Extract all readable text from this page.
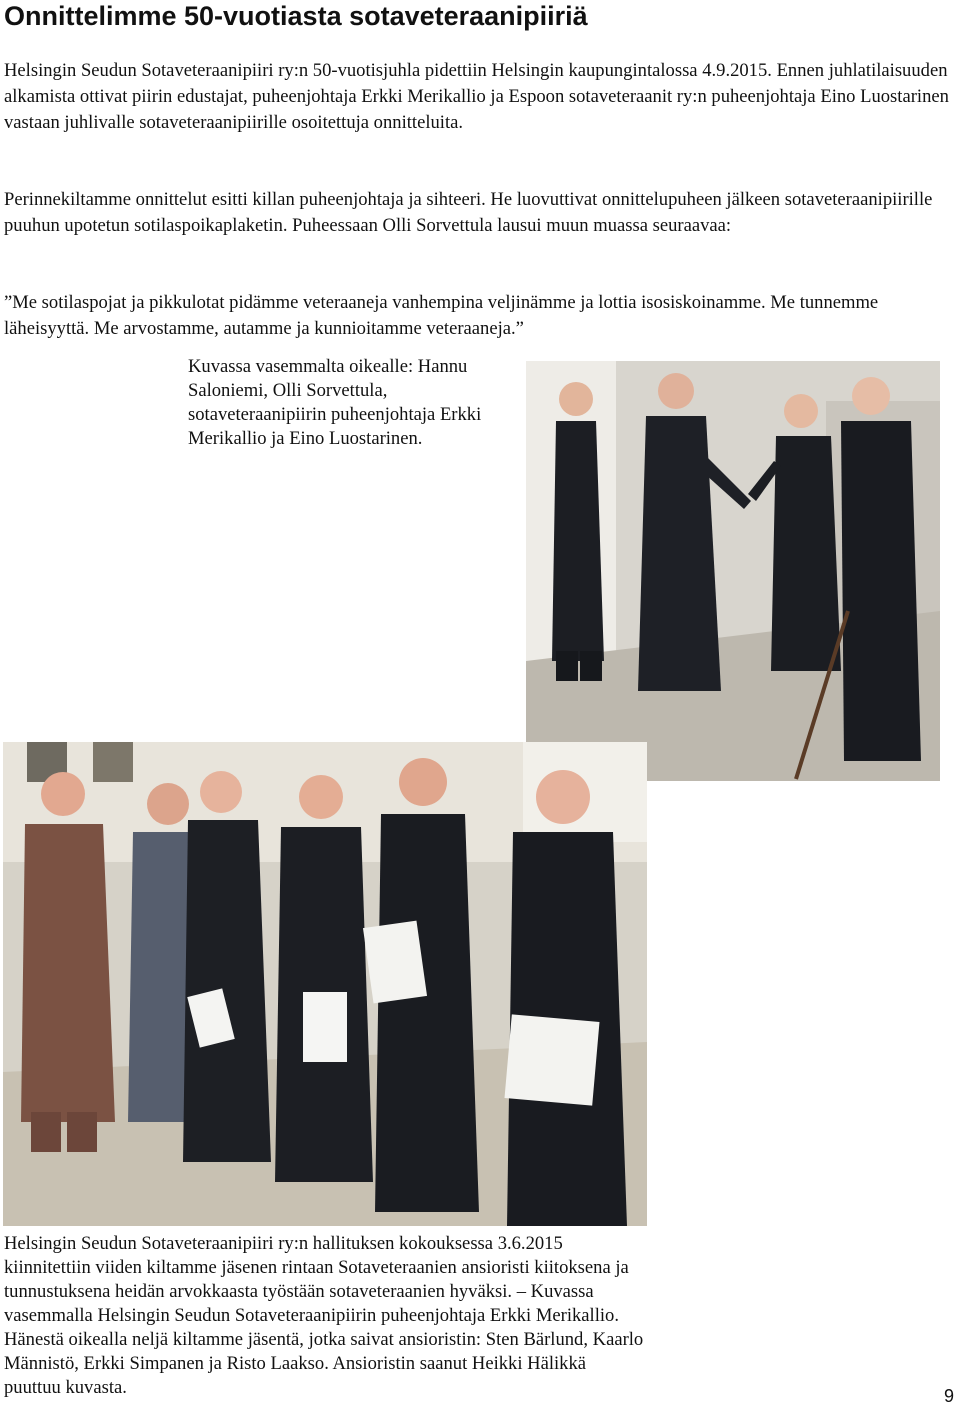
Onnittelimme 50-vuotiasta sotaveteraanipiiriä

Helsingin Seudun Sotaveteraanipiiri ry:n 50-vuotisjuhla pidettiin Helsingin kaupungintalossa 4.9.2015. Ennen juhlatilaisuuden alkamista ottivat piirin edustajat, puheenjohtaja Erkki Merikallio ja Espoon sotaveteraanit ry:n puheenjohtaja Eino Luostarinen vastaan juhlivalle sotaveteraanipiirille osoitettuja onnitteluita.

Perinnekiltamme onnittelut esitti killan puheenjohtaja ja sihteeri. He luovuttivat onnittelupuheen jälkeen sotaveteraanipiirille puuhun upotetun sotilaspoikaplaketin. Puheessaan Olli Sorvettula lausui muun muassa seuraavaa:

”Me sotilaspojat ja pikkulotat pidämme veteraaneja vanhempina veljinämme ja lottia isosiskoinamme. Me tunnemme läheisyyttä. Me arvostamme, autamme ja kunnioitamme veteraaneja.”

Kuvassa vasemmalta oikealle: Hannu Saloniemi, Olli Sorvettula, sotaveteraanipiirin puheenjohtaja Erkki Merikallio ja Eino Luostarinen.

Helsingin Seudun Sotaveteraanipiiri ry:n hallituksen kokouksessa 3.6.2015 kiinnitettiin viiden kiltamme jäsenen rintaan Sotaveteraanien ansioristi kiitoksena ja tunnustuksena heidän arvokkaasta työstään sotaveteraanien hyväksi. – Kuvassa vasemmalla Helsingin Seudun Sotaveteraanipiirin puheenjohtaja Erkki Merikallio. Hänestä oikealla neljä kiltamme jäsentä, jotka saivat ansioristin: Sten Bärlund, Kaarlo Männistö, Erkki Simpanen ja Risto Laakso. Ansioristin saanut Heikki Hälikkä puuttuu kuvasta.	9
